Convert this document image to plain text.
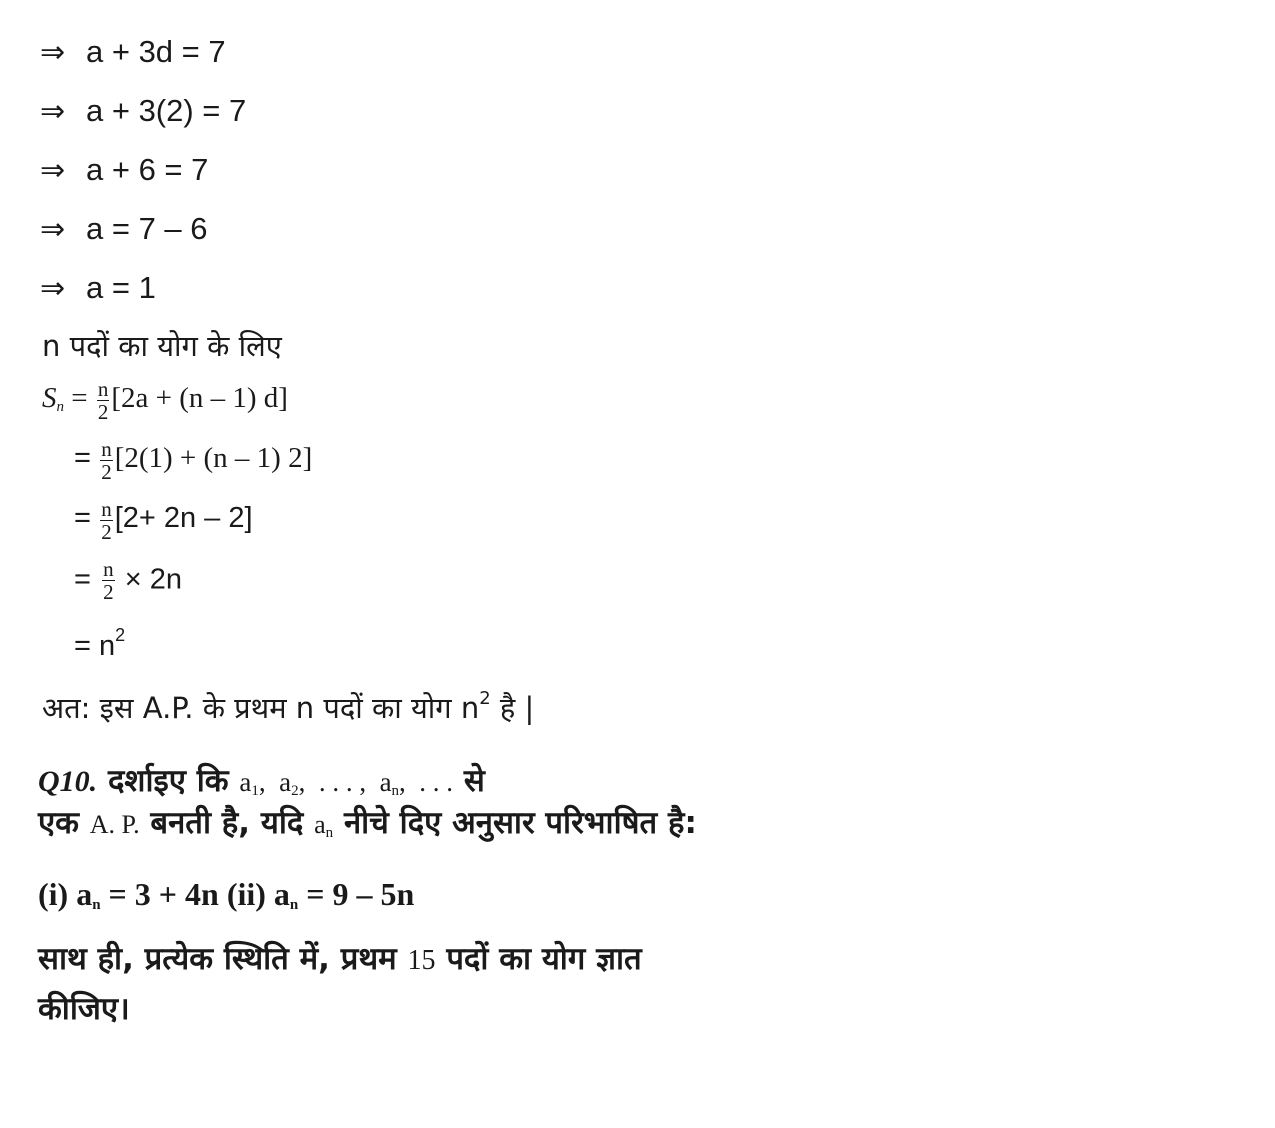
⇒ a + 3d = 7
⇒ a + 3(2) = 7
⇒ a + 6 = 7
⇒ a = 7 – 6
⇒ a = 1
n पदों का योग के लिए
$S_n = \frac{n}{2} [2a + (n - 1)$ d]
= $\frac{n}{2} [2(1) + (n - 1)$ 2]
= $\frac{n}{2} [2+ 2n - 2]$
= $\frac{n}{2} \times 2n$
= $n^2$
अत: इस A.P. के प्रथम n पदों का योग $n^2$ है |
Q10. दर्शाइए कि $a_1$,  $a_2$,  . . . , $a_n$,  . . . से
एक A. P. बनती है, यदि $a_n$ नीचे दिए अनुसार परिभाषित है:
(i) $a_n = 3 + 4n$ (ii) $a_n = 9 - 5n$
साथ ही, प्रत्येक स्थिति में, प्रथम 15 पदों का योग ज्ञात
कीजिए।
